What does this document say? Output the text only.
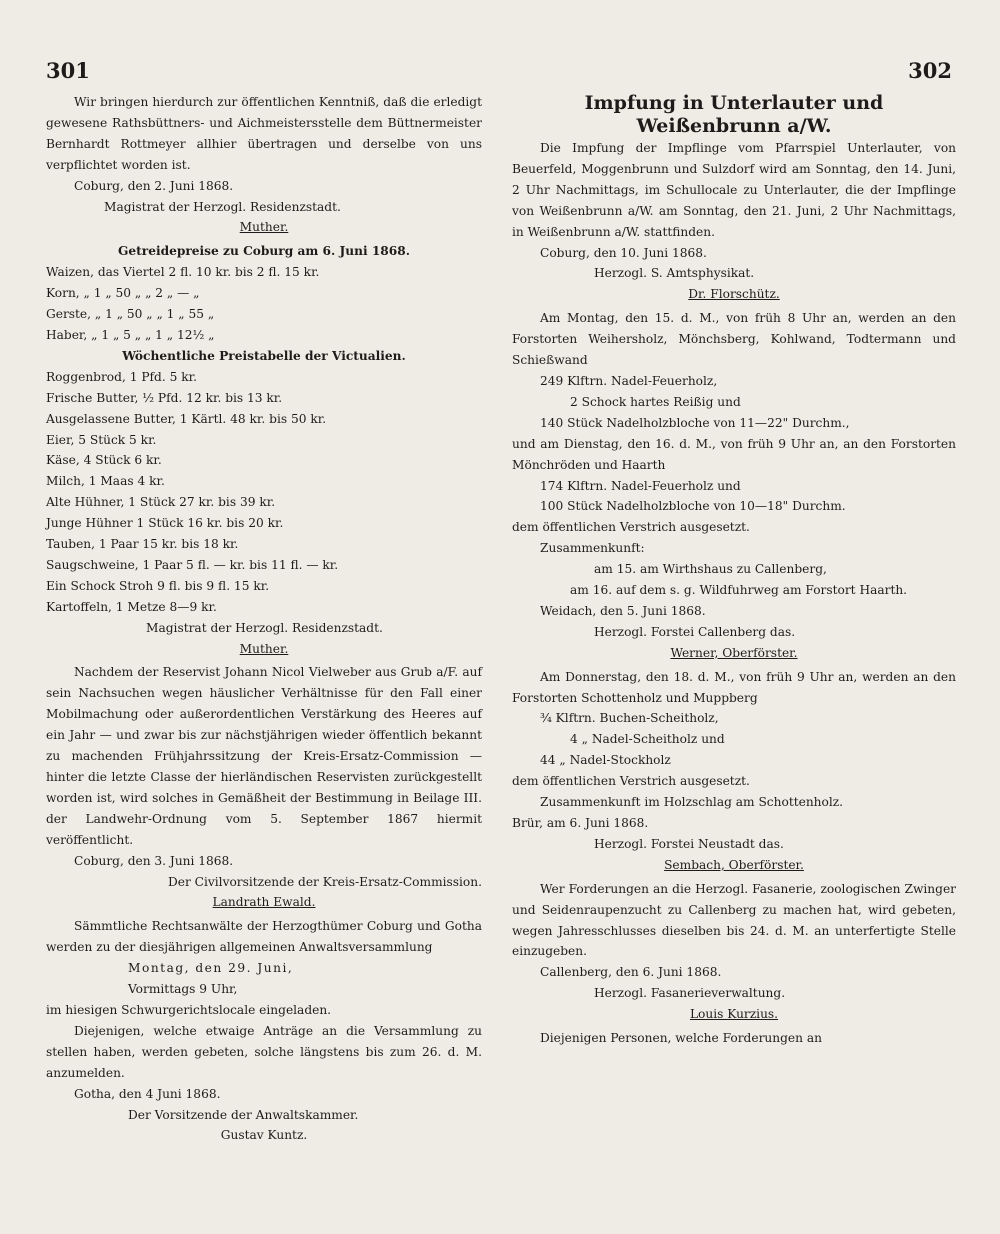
301	302

Wir bringen hierdurch zur öffentlichen Kenntniß, daß die erledigt gewesene Rathsbüttners- und Aichmeistersstelle dem Büttnermeister Bernhardt Rottmeyer allhier übertragen und derselbe von uns verpflichtet worden ist.

Coburg, den 2. Juni 1868.

Magistrat der Herzogl. Residenzstadt.

Muther.

Getreidepreise zu Coburg am 6. Juni 1868.

Waizen, das Viertel 2 fl. 10 kr. bis 2 fl. 15 kr.

Korn, „ 1 „ 50 „ „ 2 „ — „

Gerste, „ 1 „ 50 „ „ 1 „ 55 „

Haber, „ 1 „ 5 „ „ 1 „ 12½ „

Wöchentliche Preistabelle der Victualien.

Roggenbrod, 1 Pfd. 5 kr.

Frische Butter, ½ Pfd. 12 kr. bis 13 kr.

Ausgelassene Butter, 1 Kärtl. 48 kr. bis 50 kr.

Eier, 5 Stück 5 kr.

Käse, 4 Stück 6 kr.

Milch, 1 Maas 4 kr.

Alte Hühner, 1 Stück 27 kr. bis 39 kr.

Junge Hühner 1 Stück 16 kr. bis 20 kr.

Tauben, 1 Paar 15 kr. bis 18 kr.

Saugschweine, 1 Paar 5 fl. — kr. bis 11 fl. — kr.

Ein Schock Stroh 9 fl. bis 9 fl. 15 kr.

Kartoffeln, 1 Metze 8—9 kr.

Magistrat der Herzogl. Residenzstadt.

Muther.

Nachdem der Reservist Johann Nicol Vielweber aus Grub a/F. auf sein Nachsuchen wegen häuslicher Verhältnisse für den Fall einer Mobilmachung oder außerordentlichen Verstärkung des Heeres auf ein Jahr — und zwar bis zur nächstjährigen wieder öffentlich bekannt zu machenden Frühjahrssitzung der Kreis-Ersatz-Commission — hinter die letzte Classe der hierländischen Reservisten zurückgestellt worden ist, wird solches in Gemäßheit der Bestimmung in Beilage III. der Landwehr-Ordnung vom 5. September 1867 hiermit veröffentlicht.

Coburg, den 3. Juni 1868.

Der Civilvorsitzende der Kreis-Ersatz-Commission.

Landrath Ewald.

Sämmtliche Rechtsanwälte der Herzogthümer Coburg und Gotha werden zu der diesjährigen allgemeinen Anwaltsversammlung

Montag, den 29. Juni,

Vormittags 9 Uhr,

im hiesigen Schwurgerichtslocale eingeladen.

Diejenigen, welche etwaige Anträge an die Versammlung zu stellen haben, werden gebeten, solche längstens bis zum 26. d. M. anzumelden.

Gotha, den 4 Juni 1868.

Der Vorsitzende der Anwaltskammer.

Gustav Kuntz.

Impfung in Unterlauter und Weißenbrunn a/W.

Die Impfung der Impflinge vom Pfarrspiel Unterlauter, von Beuerfeld, Moggenbrunn und Sulzdorf wird am Sonntag, den 14. Juni, 2 Uhr Nachmittags, im Schullocale zu Unterlauter, die der Impflinge von Weißenbrunn a/W. am Sonntag, den 21. Juni, 2 Uhr Nachmittags, in Weißenbrunn a/W. stattfinden.

Coburg, den 10. Juni 1868.

Herzogl. S. Amtsphysikat.

Dr. Florschütz.

Am Montag, den 15. d. M., von früh 8 Uhr an, werden an den Forstorten Weihersholz, Mönchsberg, Kohlwand, Todtermann und Schießwand

249 Klftrn. Nadel-Feuerholz,

2 Schock hartes Reißig und

140 Stück Nadelholzbloche von 11—22" Durchm.,

und am Dienstag, den 16. d. M., von früh 9 Uhr an, an den Forstorten Mönchröden und Haarth

174 Klftrn. Nadel-Feuerholz und

100 Stück Nadelholzbloche von 10—18" Durchm.

dem öffentlichen Verstrich ausgesetzt.

Zusammenkunft:

am 15. am Wirthshaus zu Callenberg,

am 16. auf dem s. g. Wildfuhrweg am Forstort Haarth.

Weidach, den 5. Juni 1868.

Herzogl. Forstei Callenberg das.

Werner, Oberförster.

Am Donnerstag, den 18. d. M., von früh 9 Uhr an, werden an den Forstorten Schottenholz und Muppberg

¾ Klftrn. Buchen-Scheitholz,

4 „ Nadel-Scheitholz und

44 „ Nadel-Stockholz

dem öffentlichen Verstrich ausgesetzt.

Zusammenkunft im Holzschlag am Schottenholz.

Brür, am 6. Juni 1868.

Herzogl. Forstei Neustadt das.

Sembach, Oberförster.

Wer Forderungen an die Herzogl. Fasanerie, zoologischen Zwinger und Seidenraupenzucht zu Callenberg zu machen hat, wird gebeten, wegen Jahresschlusses dieselben bis 24. d. M. an unterfertigte Stelle einzugeben.

Callenberg, den 6. Juni 1868.

Herzogl. Fasanerieverwaltung.

Louis Kurzius.

Diejenigen Personen, welche Forderungen an
